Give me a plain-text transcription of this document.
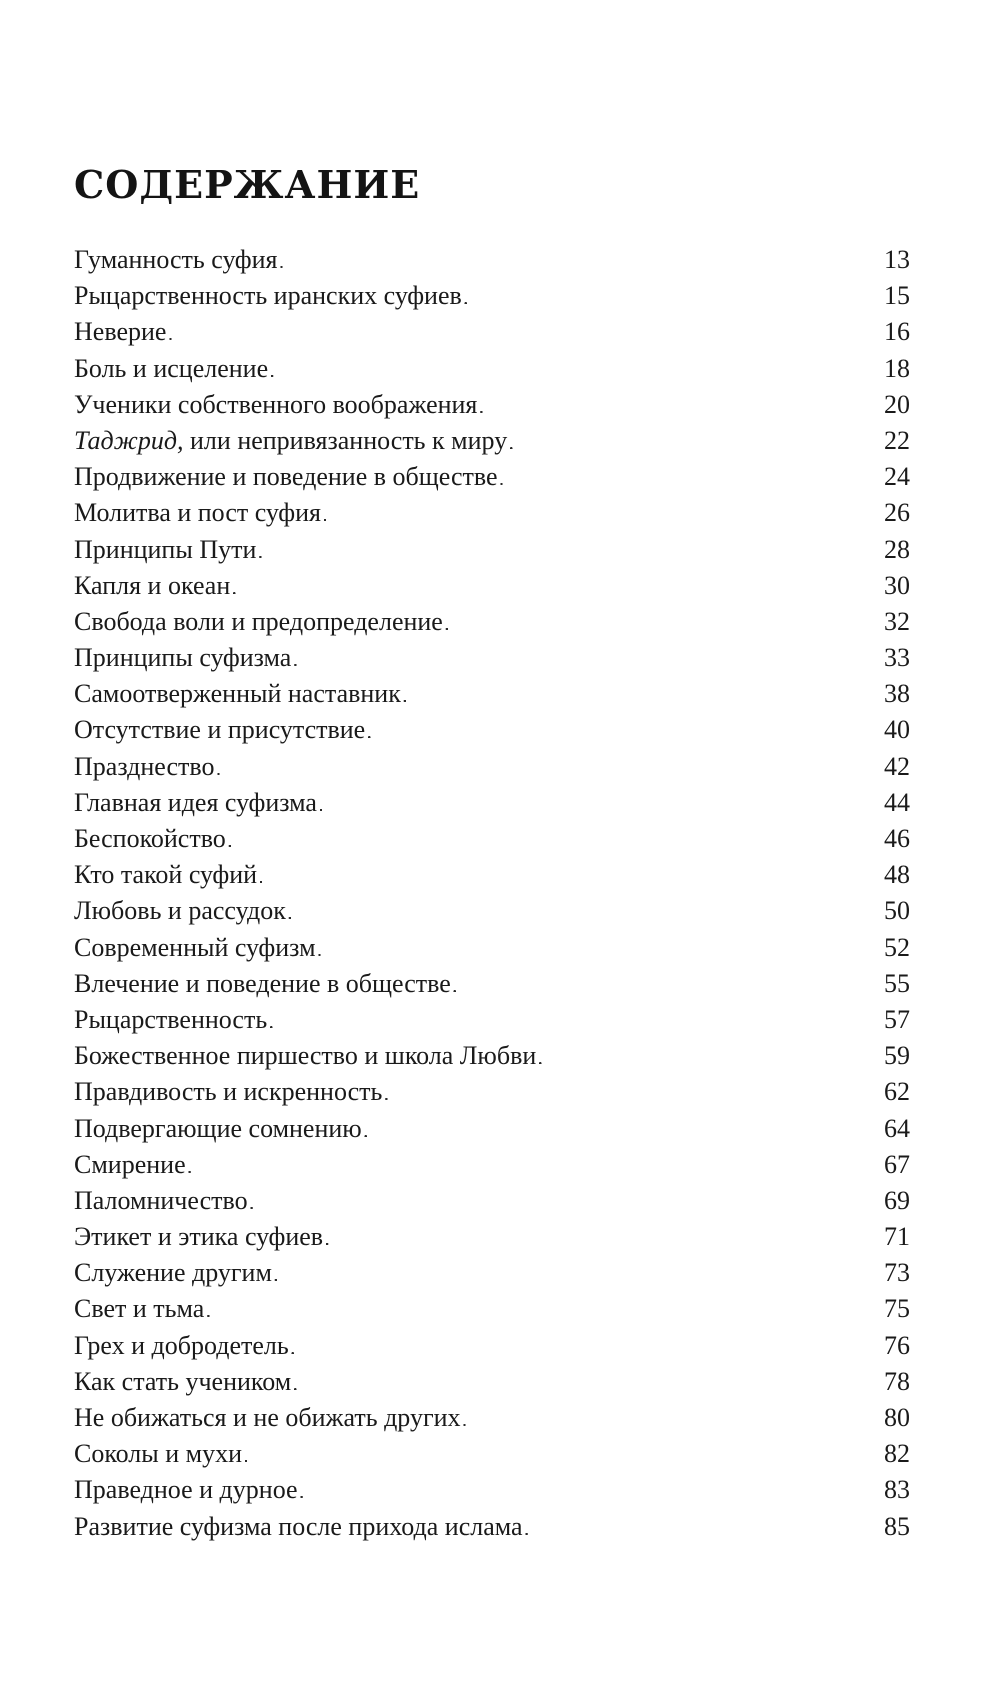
СОДЕРЖАНИЕ
Гуманность суфия . . .	13
Рыцарственность иранских суфиев . . .	15
Неверие . . .	16
Боль и исцеление . . .	18
Ученики собственного воображения . . .	20
Таджрид, или непривязанность к миру . . .	22
Продвижение и поведение в обществе . . .	24
Молитва и пост суфия . . .	26
Принципы Пути . . .	28
Капля и океан . . .	30
Свобода воли и предопределение . . .	32
Принципы суфизма . . .	33
Самоотверженный наставник . . .	38
Отсутствие и присутствие . . .	40
Празднество . . .	42
Главная идея суфизма . . .	44
Беспокойство . . .	46
Кто такой суфий . . .	48
Любовь и рассудок . . .	50
Современный суфизм . . .	52
Влечение и поведение в обществе . . .	55
Рыцарственность . . .	57
Божественное пиршество и школа Любви . . .	59
Правдивость и искренность . . .	62
Подвергающие сомнению . . .	64
Смирение . . .	67
Паломничество . . .	69
Этикет и этика суфиев . . .	71
Служение другим . . .	73
Свет и тьма . . .	75
Грех и добродетель . . .	76
Как стать учеником . . .	78
Не обижаться и не обижать других . . .	80
Соколы и мухи . . .	82
Праведное и дурное . . .	83
Развитие суфизма после прихода ислама . . .	85
